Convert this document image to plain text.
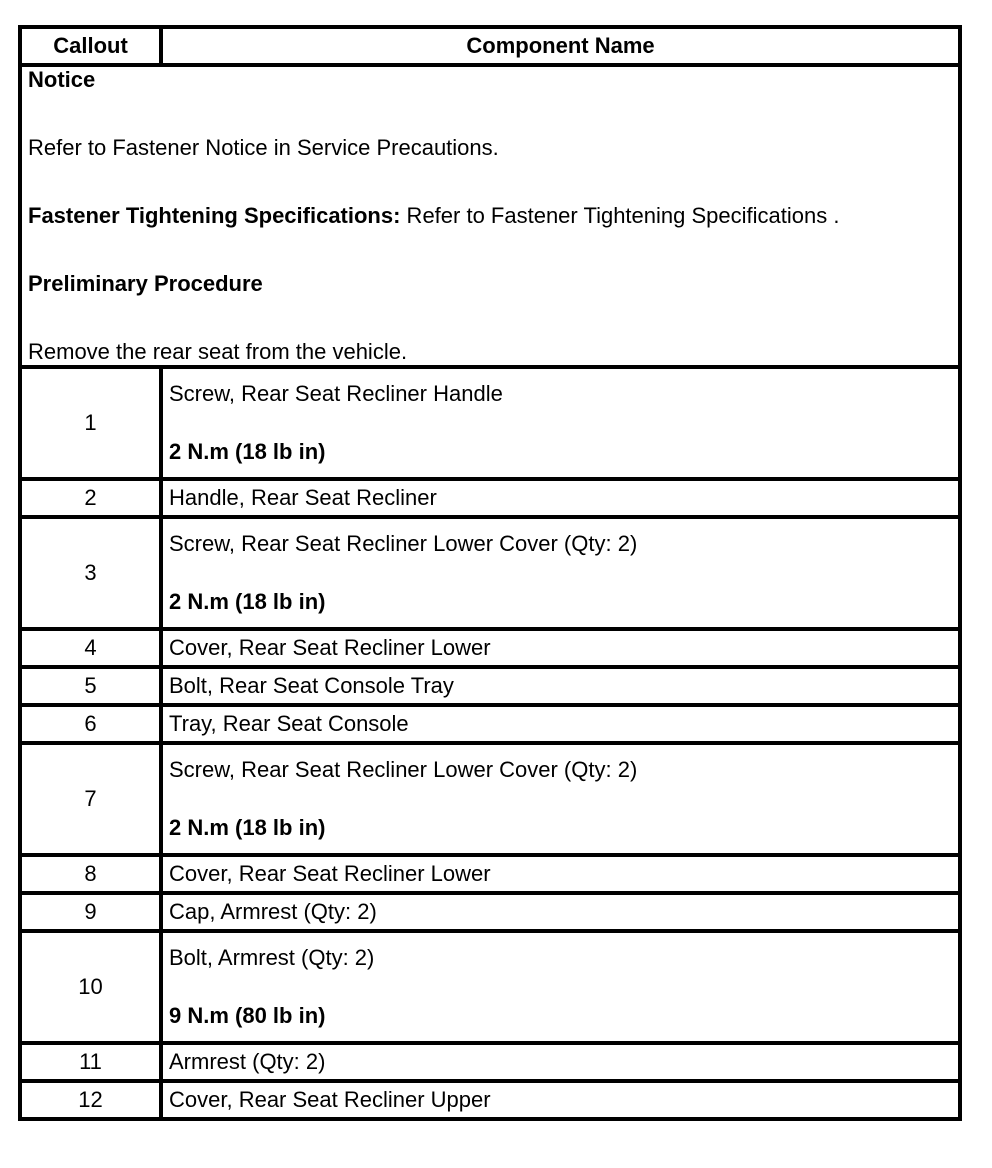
Callout	Component Name

Notice

Refer to Fastener Notice in Service Precautions.

Fastener Tightening Specifications: Refer to Fastener Tightening Specifications .

Preliminary Procedure

Remove the rear seat from the vehicle.	

1	Screw, Rear Seat Recliner Handle
2 N.m (18 lb in)

2	Handle, Rear Seat Recliner

3	Screw, Rear Seat Recliner Lower Cover (Qty: 2)
2 N.m (18 lb in)

4	Cover, Rear Seat Recliner Lower

5	Bolt, Rear Seat Console Tray

6	Tray, Rear Seat Console

7	Screw, Rear Seat Recliner Lower Cover (Qty: 2)
2 N.m (18 lb in)

8	Cover, Rear Seat Recliner Lower

9	Cap, Armrest (Qty: 2)

10	Bolt, Armrest (Qty: 2)
9 N.m (80 lb in)

11	Armrest (Qty: 2)

12	Cover, Rear Seat Recliner Upper
